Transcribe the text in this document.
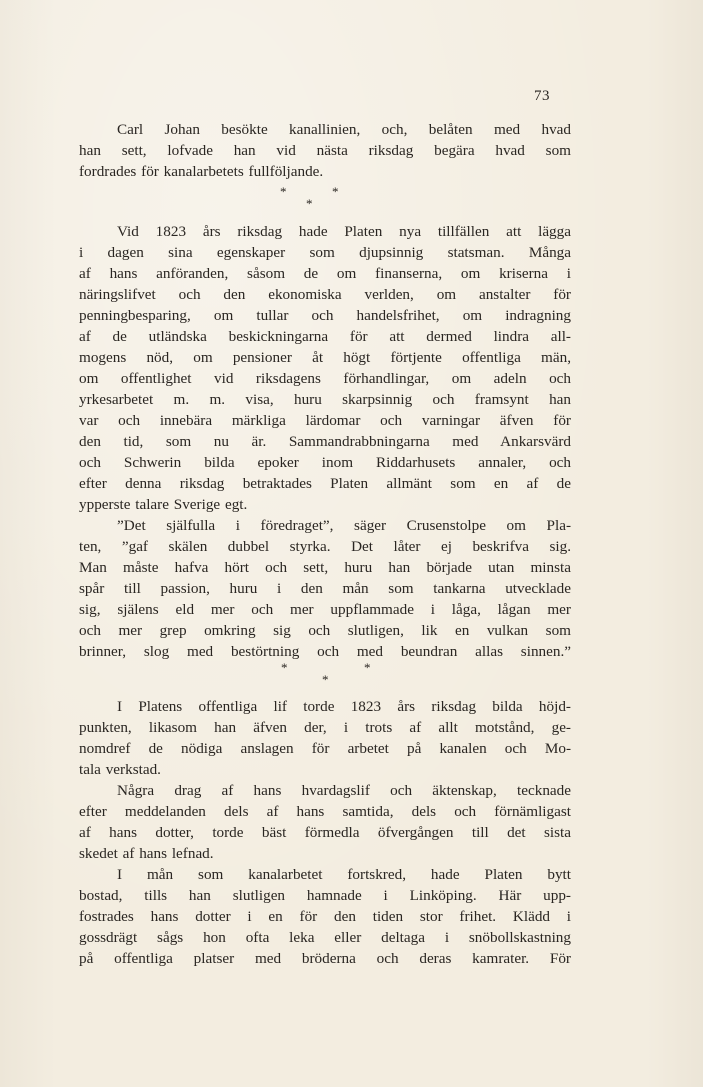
73
Carl Johan besökte kanallinien, och, belåten med hvad
han sett, lofvade han vid nästa riksdag begära hvad som
fordrades för kanalarbetets fullföljande.
*	*
*
Vid 1823 års riksdag hade Platen nya tillfällen att lägga
i dagen sina egenskaper som djupsinnig statsman. Många
af hans anföranden, såsom de om finanserna, om kriserna i
näringslifvet och den ekonomiska verlden, om anstalter för
penningbesparing, om tullar och handelsfrihet, om indragning
af de utländska beskickningarna för att dermed lindra all-
mogens nöd, om pensioner åt högt förtjente offentliga män,
om offentlighet vid riksdagens förhandlingar, om adeln och
yrkesarbetet m. m. visa, huru skarpsinnig och framsynt han
var och innebära märkliga lärdomar och varningar äfven för
den tid, som nu är. Sammandrabbningarna med Ankarsvärd
och Schwerin bilda epoker inom Riddarhusets annaler, och
efter denna riksdag betraktades Platen allmänt som en af de
ypperste talare Sverige egt.
”Det själfulla i föredraget”, säger Crusenstolpe om Pla-
ten, ”gaf skälen dubbel styrka. Det låter ej beskrifva sig.
Man måste hafva hört och sett, huru han började utan minsta
spår till passion, huru i den mån som tankarna utvecklade
sig, själens eld mer och mer uppflammade i låga, lågan mer
och mer grep omkring sig och slutligen, lik en vulkan som
brinner, slog med bestörtning och med beundran allas sinnen.”
*	*
*
I Platens offentliga lif torde 1823 års riksdag bilda höjd-
punkten, likasom han äfven der, i trots af allt motstånd, ge-
nomdref de nödiga anslagen för arbetet på kanalen och Mo-
tala verkstad.
Några drag af hans hvardagslif och äktenskap, tecknade
efter meddelanden dels af hans samtida, dels och förnämligast
af hans dotter, torde bäst förmedla öfvergången till det sista
skedet af hans lefnad.
I mån som kanalarbetet fortskred, hade Platen bytt
bostad, tills han slutligen hamnade i Linköping. Här upp-
fostrades hans dotter i en för den tiden stor frihet. Klädd i
gossdrägt sågs hon ofta leka eller deltaga i snöbollskastning
på offentliga platser med bröderna och deras kamrater. För
